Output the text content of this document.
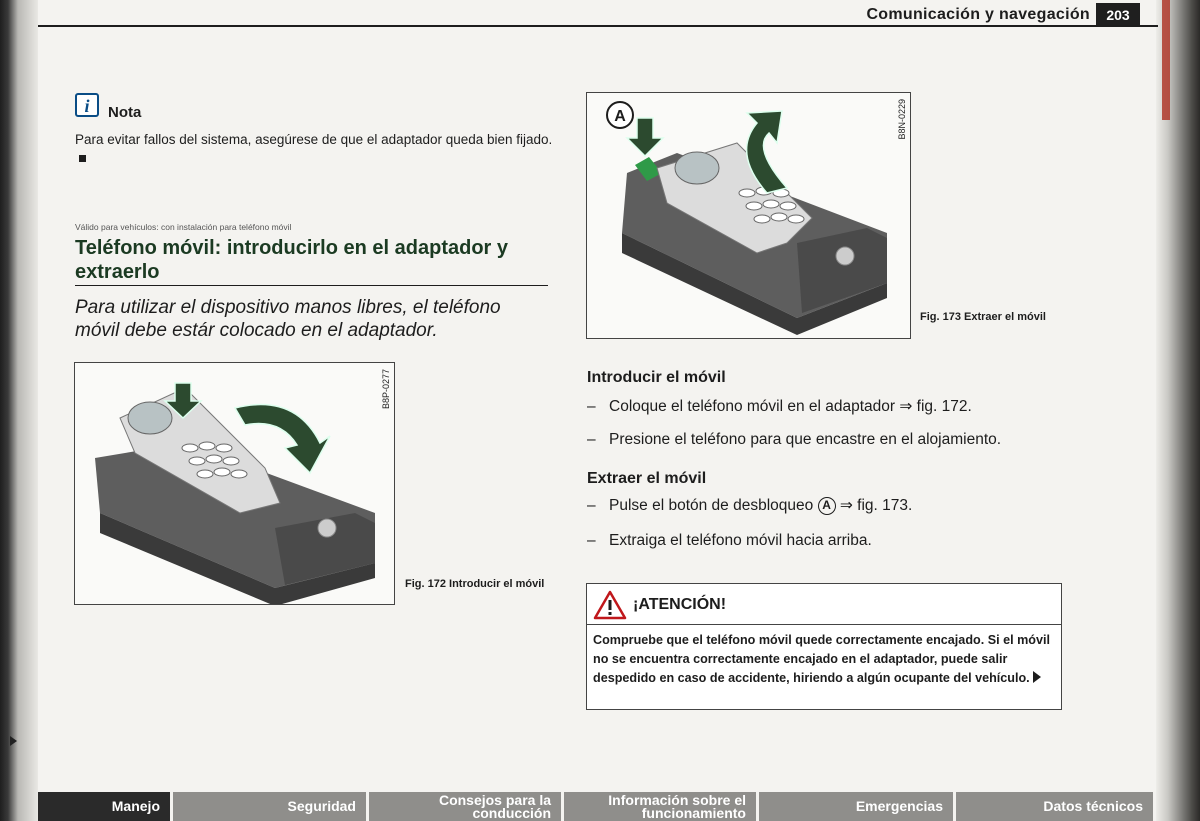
Comunicación y navegación	203
i	Nota
Para evitar fallos del sistema, asegúrese de que el adaptador queda bien fijado.
Válido para vehículos: con instalación para teléfono móvil
Teléfono móvil: introducirlo en el adaptador y extraerlo
Para utilizar el dispositivo manos libres, el teléfono móvil debe estár colocado en el adaptador.
B8P-0277
Fig. 172 Introducir el móvil
A	B8N-0229
Fig. 173 Extraer el móvil
Introducir el móvil
– Coloque el teléfono móvil en el adaptador ⇒ fig. 172.
– Presione el teléfono para que encastre en el alojamiento.
Extraer el móvil
– Pulse el botón de desbloqueo A ⇒ fig. 173.
– Extraiga el teléfono móvil hacia arriba.
¡ATENCIÓN!
Compruebe que el teléfono móvil quede correctamente encajado. Si el móvil no se encuentra correctamente encajado en el adaptador, puede salir despedido en caso de accidente, hiriendo a algún ocupante del vehículo.
Manejo	Seguridad	Consejos para la conducción
Información sobre el funcionamiento	Emergencias	Datos técnicos
